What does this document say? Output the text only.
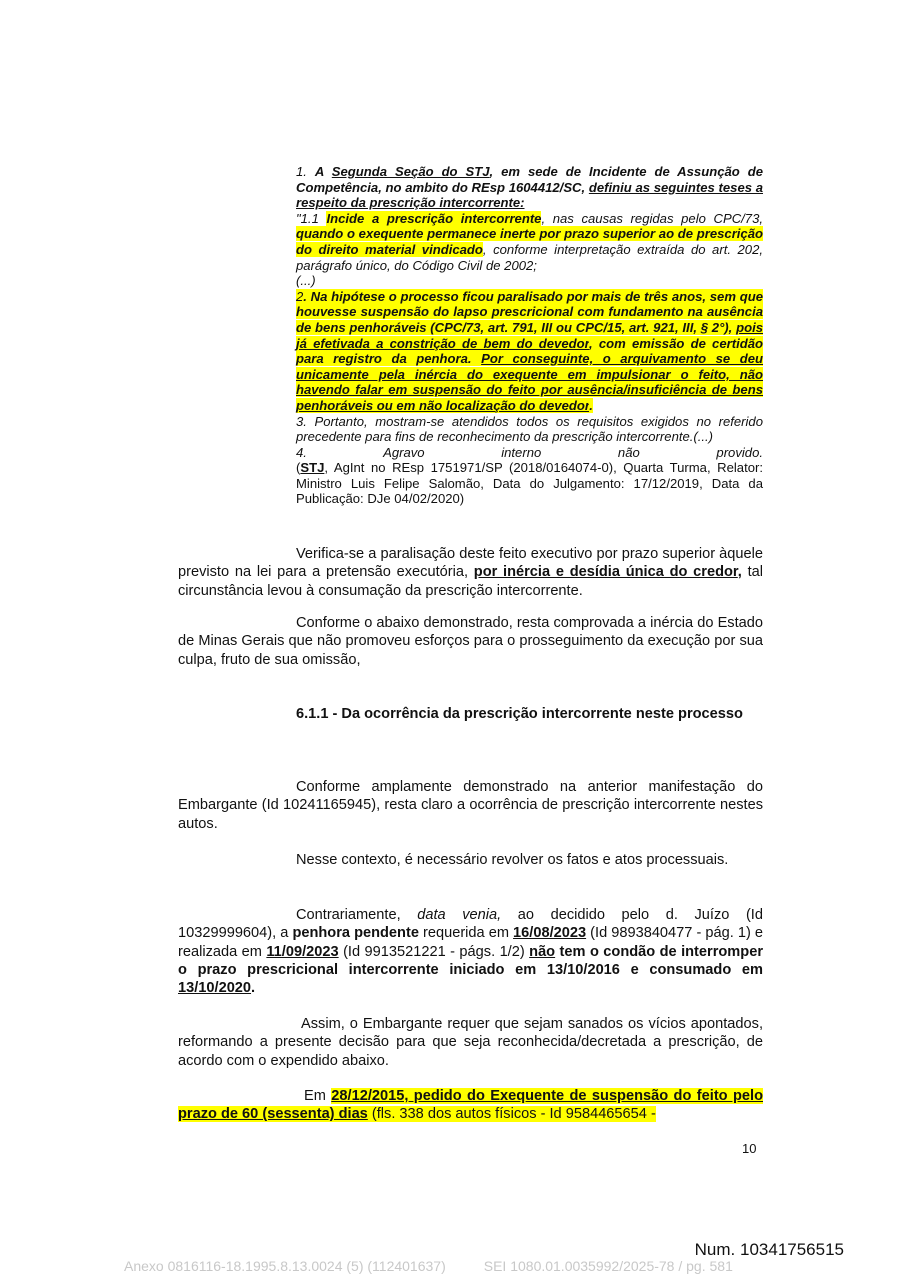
1. A Segunda Seção do STJ, em sede de Incidente de Assunção de Competência, no ambito do REsp 1604412/SC, definiu as seguintes teses a respeito da prescrição intercorrente:

"1.1 Incide a prescrição intercorrente, nas causas regidas pelo CPC/73, quando o exequente permanece inerte por prazo superior ao de prescrição do direito material vindicado, conforme interpretação extraída do art. 202, parágrafo único, do Código Civil de 2002;

(...)

2. Na hipótese o processo ficou paralisado por mais de três anos, sem que houvesse suspensão do lapso prescricional com fundamento na ausência de bens penhoráveis (CPC/73, art. 791, III ou CPC/15, art. 921, III, § 2°), pois já efetivada a constrição de bem do devedor, com emissão de certidão para registro da penhora. Por conseguinte, o arquivamento se deu unicamente pela inércia do exequente em impulsionar o feito, não havendo falar em suspensão do feito por ausência/insuficiência de bens penhoráveis ou em não localização do devedor.

3. Portanto, mostram-se atendidos todos os requisitos exigidos no referido precedente para fins de reconhecimento da prescrição intercorrente.(...)

4. Agravo interno não provido.

(STJ, AgInt no REsp 1751971/SP (2018/0164074-0), Quarta Turma, Relator: Ministro Luis Felipe Salomão, Data do Julgamento: 17/12/2019, Data da Publicação: DJe 04/02/2020)

Verifica-se a paralisação deste feito executivo por prazo superior àquele previsto na lei para a pretensão executória, por inércia e desídia única do credor, tal circunstância levou à consumação da prescrição intercorrente.

Conforme o abaixo demonstrado, resta comprovada a inércia do Estado de Minas Gerais que não promoveu esforços para o prosseguimento da execução por sua culpa, fruto de sua omissão,

6.1.1 - Da ocorrência da prescrição intercorrente neste processo

Conforme amplamente demonstrado na anterior manifestação do Embargante (Id 10241165945), resta claro a ocorrência de prescrição intercorrente nestes autos.

Nesse contexto, é necessário revolver os fatos e atos processuais.

Contrariamente, data venia, ao decidido pelo d. Juízo (Id 10329999604), a penhora pendente requerida em 16/08/2023 (Id 9893840477 - pág. 1) e realizada em 11/09/2023 (Id 9913521221 - págs. 1/2) não tem o condão de interromper o prazo prescricional intercorrente iniciado em 13/10/2016 e consumado em 13/10/2020.

Assim, o Embargante requer que sejam sanados os vícios apontados, reformando a presente decisão para que seja reconhecida/decretada a prescrição, de acordo com o expendido abaixo.

Em 28/12/2015, pedido do Exequente de suspensão do feito pelo prazo de 60 (sessenta) dias (fls. 338 dos autos físicos - Id 9584465654 -

10
Num. 10341756515
Anexo 0816116-18.1995.8.13.0024 (5) (112401637)	SEI 1080.01.0035992/2025-78 / pg. 581
